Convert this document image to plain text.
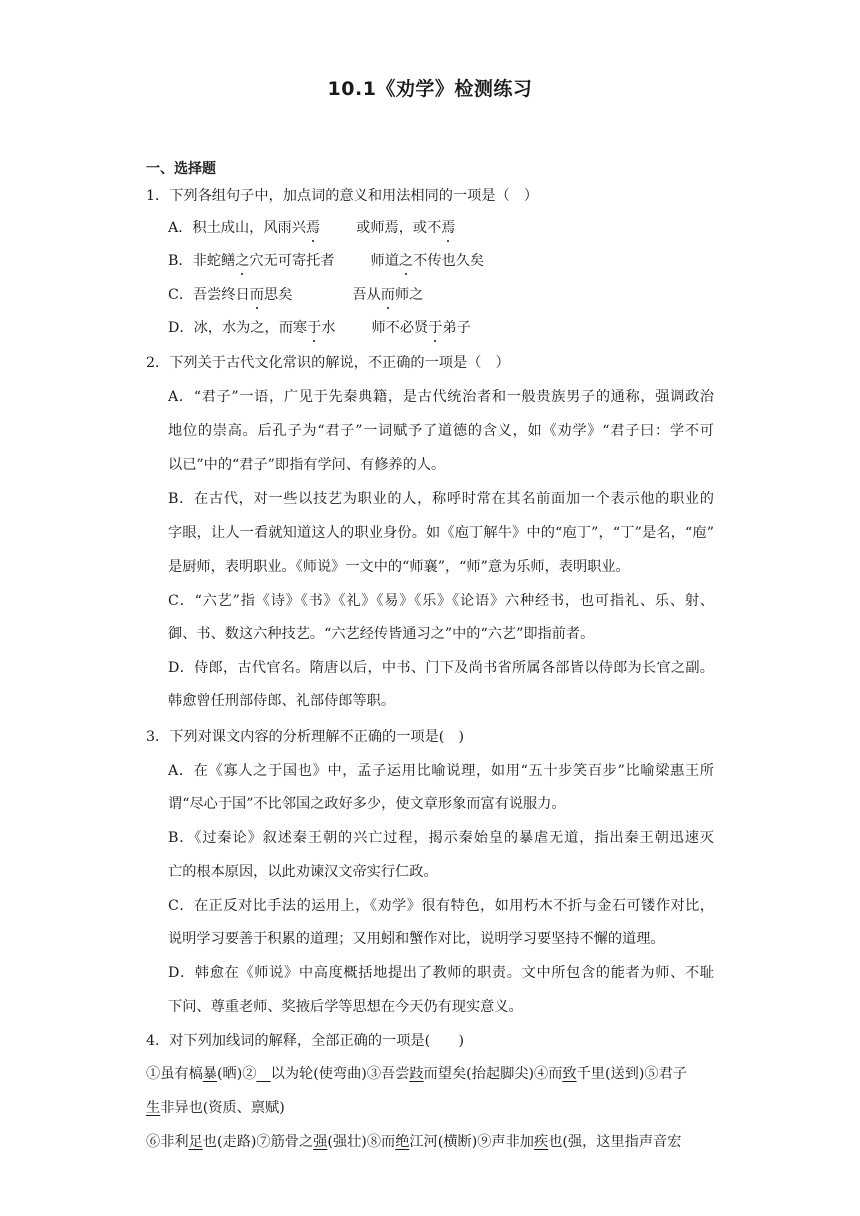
10.1《劝学》检测练习
一、选择题
1．下列各组句子中，加点词的意义和用法相同的一项是（　）
A．积土成山，风雨兴焉	或师焉，或不焉
B．非蛇鳝之穴无可寄托者	师道之不传也久矣
C．吾尝终日而思矣	吾从而师之
D．冰，水为之，而寒于水	师不必贤于弟子
2．下列关于古代文化常识的解说，不正确的一项是（　）
A．“君子”一语，广见于先秦典籍，是古代统治者和一般贵族男子的通称，强调政治
地位的崇高。后孔子为“君子”一词赋予了道德的含义，如《劝学》“君子曰：学不可
以已”中的“君子”即指有学问、有修养的人。
B．在古代，对一些以技艺为职业的人，称呼时常在其名前面加一个表示他的职业的
字眼，让人一看就知道这人的职业身份。如《庖丁解牛》中的“庖丁”，“丁”是名，“庖”
是厨师，表明职业。《师说》一文中的“师襄”，“师”意为乐师，表明职业。
C．“六艺”指《诗》《书》《礼》《易》《乐》《论语》六种经书，也可指礼、乐、射、
御、书、数这六种技艺。“六艺经传皆通习之”中的“六艺”即指前者。
D．侍郎，古代官名。隋唐以后，中书、门下及尚书省所属各部皆以侍郎为长官之副。
韩愈曾任刑部侍郎、礼部侍郎等职。
3．下列对课文内容的分析理解不正确的一项是(　)
A．在《寡人之于国也》中，孟子运用比喻说理，如用“五十步笑百步”比喻梁惠王所
谓“尽心于国”不比邻国之政好多少，使文章形象而富有说服力。
B．《过秦论》叙述秦王朝的兴亡过程，揭示秦始皇的暴虐无道，指出秦王朝迅速灭
亡的根本原因，以此劝谏汉文帝实行仁政。
C．在正反对比手法的运用上，《劝学》很有特色，如用朽木不折与金石可镂作对比，
说明学习要善于积累的道理；又用蚓和蟹作对比，说明学习要坚持不懈的道理。
D．韩愈在《师说》中高度概括地提出了教师的职责。文中所包含的能者为师、不耻
下问、尊重老师、奖掖后学等思想在今天仍有现实意义。
4．对下列加线词的解释，全部正确的一项是(　　)
①虽有槁暴(晒)②　 以为轮(使弯曲)③吾尝跂而望矣(抬起脚尖)④而致千里(送到)⑤君子
生非异也(资质、禀赋)
⑥非利足也(走路)⑦筋骨之强(强壮)⑧而绝江河(横断)⑨声非加疾也(强，这里指声音宏
